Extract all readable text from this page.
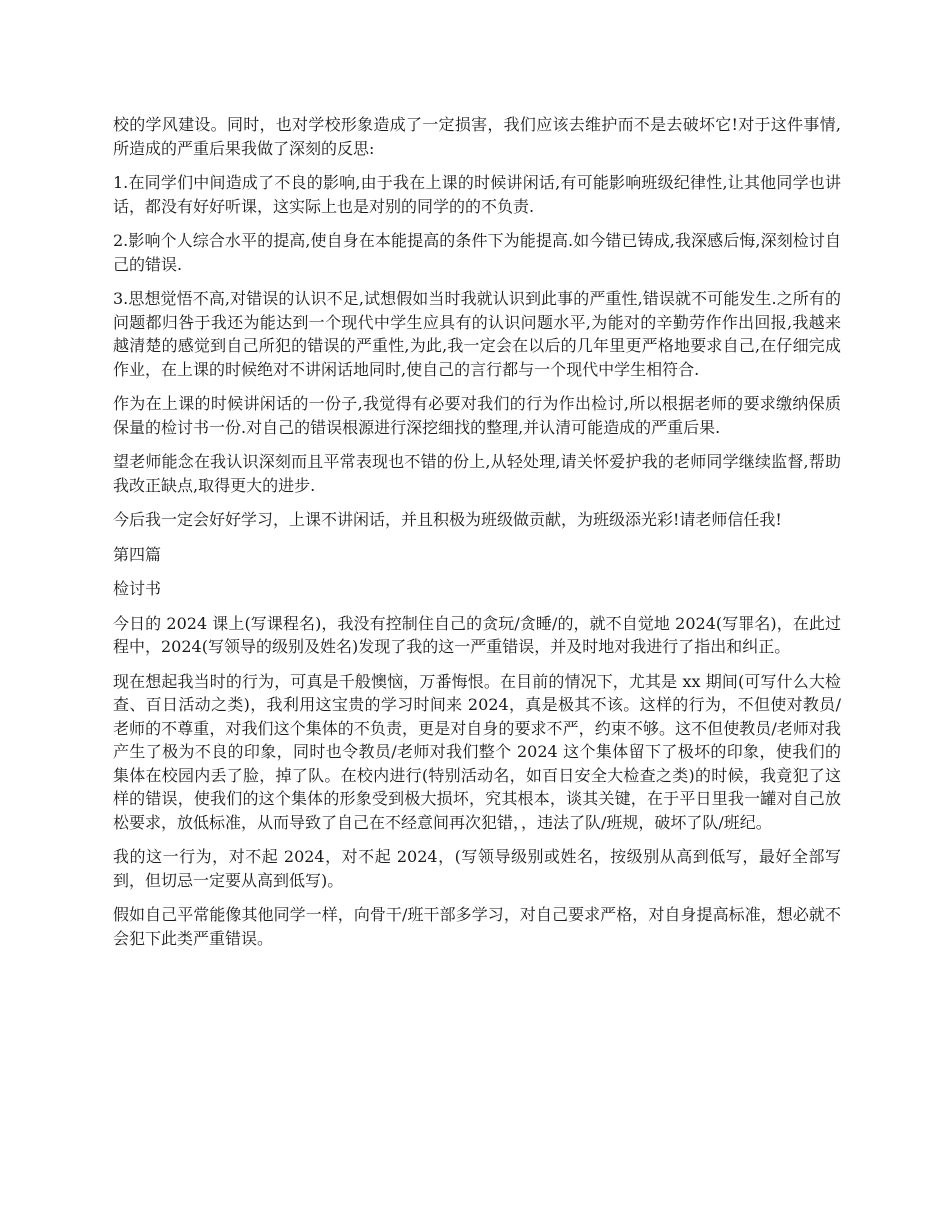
校的学风建设。同时，也对学校形象造成了一定损害，我们应该去维护而不是去破坏它!对于这件事情,所造成的严重后果我做了深刻的反思:

1.在同学们中间造成了不良的影响,由于我在上课的时候讲闲话,有可能影响班级纪律性,让其他同学也讲话，都没有好好听课，这实际上也是对别的同学的的不负责.

2.影响个人综合水平的提高,使自身在本能提高的条件下为能提高.如今错已铸成,我深感后悔,深刻检讨自己的错误.

3.思想觉悟不高,对错误的认识不足,试想假如当时我就认识到此事的严重性,错误就不可能发生.之所有的问题都归咎于我还为能达到一个现代中学生应具有的认识问题水平,为能对的辛勤劳作作出回报,我越来越清楚的感觉到自己所犯的错误的严重性,为此,我一定会在以后的几年里更严格地要求自己,在仔细完成作业，在上课的时候绝对不讲闲话地同时,使自己的言行都与一个现代中学生相符合.

作为在上课的时候讲闲话的一份子,我觉得有必要对我们的行为作出检讨,所以根据老师的要求缴纳保质保量的检讨书一份.对自己的错误根源进行深挖细找的整理,并认清可能造成的严重后果.

望老师能念在我认识深刻而且平常表现也不错的份上,从轻处理,请关怀爱护我的老师同学继续监督,帮助我改正缺点,取得更大的进步.

今后我一定会好好学习，上课不讲闲话，并且积极为班级做贡献，为班级添光彩!请老师信任我!

第四篇

检讨书

今日的 2024 课上(写课程名)，我没有控制住自己的贪玩/贪睡/的，就不自觉地 2024(写罪名)，在此过程中，2024(写领导的级别及姓名)发现了我的这一严重错误，并及时地对我进行了指出和纠正。

现在想起我当时的行为，可真是千般懊恼，万番悔恨。在目前的情况下，尤其是 xx 期间(可写什么大检查、百日活动之类)，我利用这宝贵的学习时间来 2024，真是极其不该。这样的行为，不但使对教员/老师的不尊重，对我们这个集体的不负责，更是对自身的要求不严，约束不够。这不但使教员/老师对我产生了极为不良的印象，同时也令教员/老师对我们整个 2024 这个集体留下了极坏的印象，使我们的集体在校园内丢了脸，掉了队。在校内进行(特别活动名，如百日安全大检查之类)的时候，我竟犯了这样的错误，使我们的这个集体的形象受到极大损坏，究其根本，谈其关键，在于平日里我一罐对自己放松要求，放低标准，从而导致了自己在不经意间再次犯错，，违法了队/班规，破坏了队/班纪。

我的这一行为，对不起 2024，对不起 2024，(写领导级别或姓名，按级别从高到低写，最好全部写到，但切忌一定要从高到低写)。

假如自己平常能像其他同学一样，向骨干/班干部多学习，对自己要求严格，对自身提高标准，想必就不会犯下此类严重错误。
